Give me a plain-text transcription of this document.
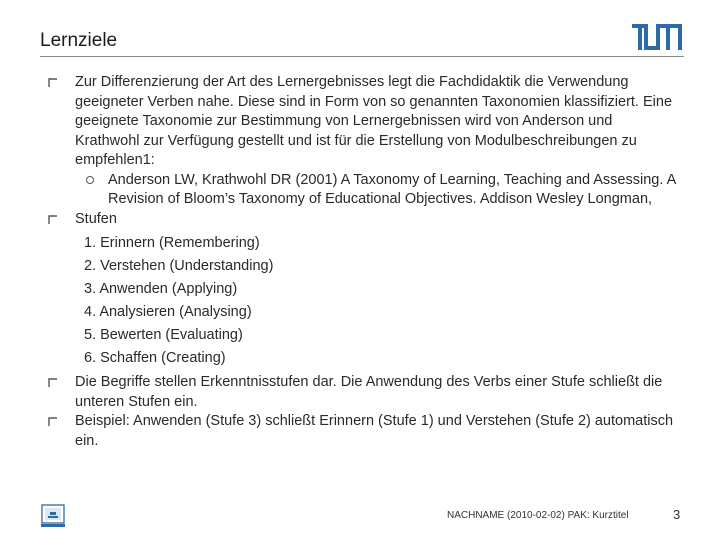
Lernziele

Zur Differenzierung der Art des Lernergebnisses legt die Fachdidaktik die Verwendung geeigneter Verben nahe. Diese sind in Form von so genannten Taxonomien klassifiziert. Eine geeignete Taxonomie zur Bestimmung von Lernergebnissen wird von Anderson und Krathwohl zur Verfügung gestellt und ist für die Erstellung von Modulbeschreibungen zu empfehlen1:

Anderson LW, Krathwohl DR (2001) A Taxonomy of Learning, Teaching and Assessing. A Revision of Bloom’s Taxonomy of Educational Objectives. Addison Wesley Longman,

Stufen

1. Erinnern (Remembering)
2. Verstehen (Understanding)
3. Anwenden (Applying)
4. Analysieren (Analysing)
5. Bewerten (Evaluating)
6. Schaffen (Creating)

Die Begriffe stellen Erkenntnisstufen dar. Die Anwendung des Verbs einer Stufe schließt die unteren Stufen ein.

Beispiel: Anwenden (Stufe 3) schließt Erinnern (Stufe 1) und Verstehen (Stufe 2) automatisch ein.

NACHNAME (2010-02-02) PAK: Kurztitel	3
